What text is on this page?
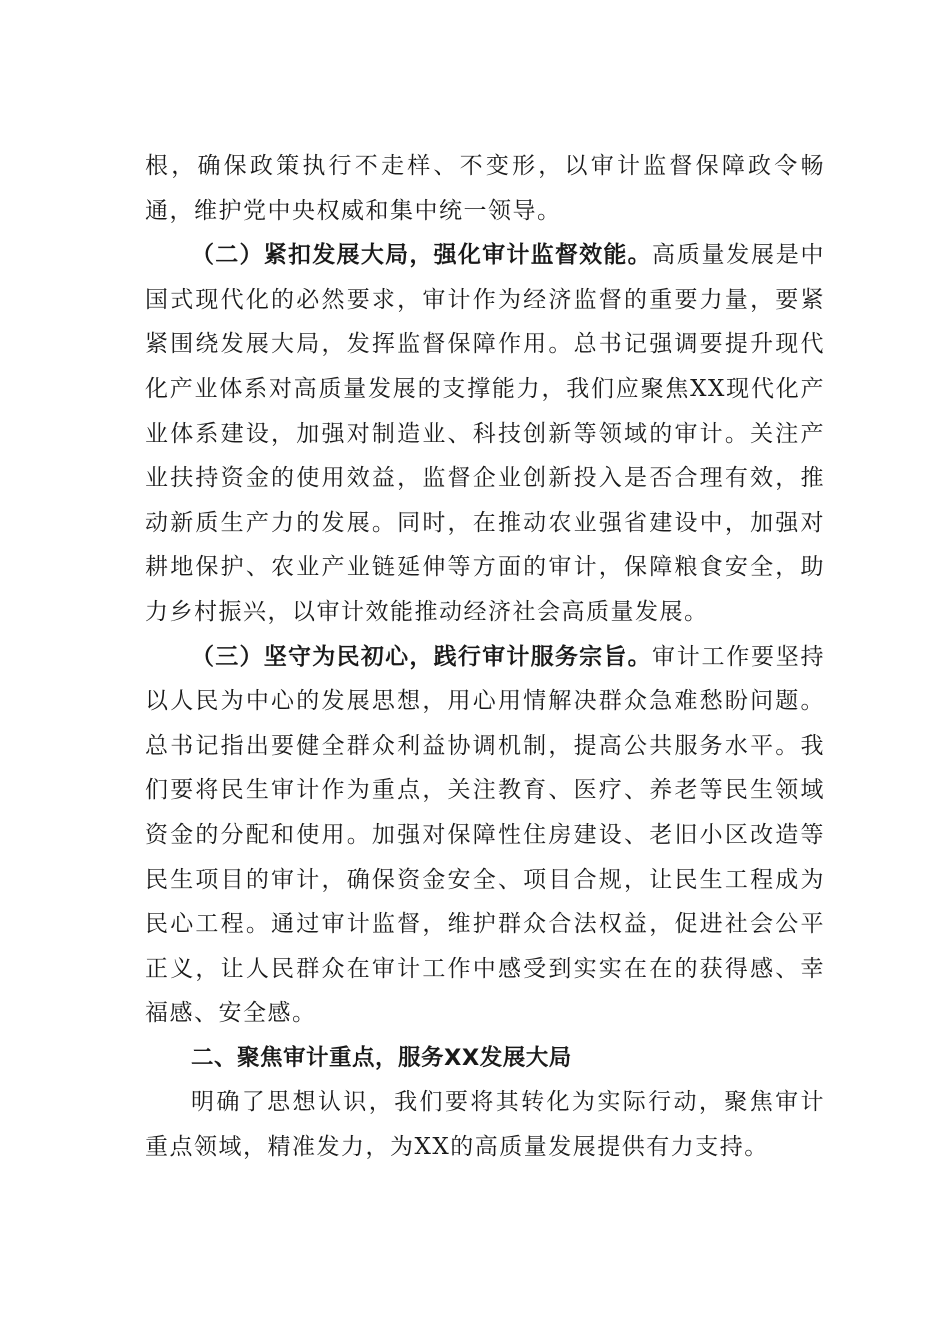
根，确保政策执行不走样、不变形，以审计监督保障政令畅通，维护党中央权威和集中统一领导。

（二）紧扣发展大局，强化审计监督效能。高质量发展是中国式现代化的必然要求，审计作为经济监督的重要力量，要紧紧围绕发展大局，发挥监督保障作用。总书记强调要提升现代化产业体系对高质量发展的支撑能力，我们应聚焦XX现代化产业体系建设，加强对制造业、科技创新等领域的审计。关注产业扶持资金的使用效益，监督企业创新投入是否合理有效，推动新质生产力的发展。同时，在推动农业强省建设中，加强对耕地保护、农业产业链延伸等方面的审计，保障粮食安全，助力乡村振兴，以审计效能推动经济社会高质量发展。

（三）坚守为民初心，践行审计服务宗旨。审计工作要坚持以人民为中心的发展思想，用心用情解决群众急难愁盼问题。总书记指出要健全群众利益协调机制，提高公共服务水平。我们要将民生审计作为重点，关注教育、医疗、养老等民生领域资金的分配和使用。加强对保障性住房建设、老旧小区改造等民生项目的审计，确保资金安全、项目合规，让民生工程成为民心工程。通过审计监督，维护群众合法权益，促进社会公平正义，让人民群众在审计工作中感受到实实在在的获得感、幸福感、安全感。

二、聚焦审计重点，服务XX发展大局

明确了思想认识，我们要将其转化为实际行动，聚焦审计重点领域，精准发力，为XX的高质量发展提供有力支持。
